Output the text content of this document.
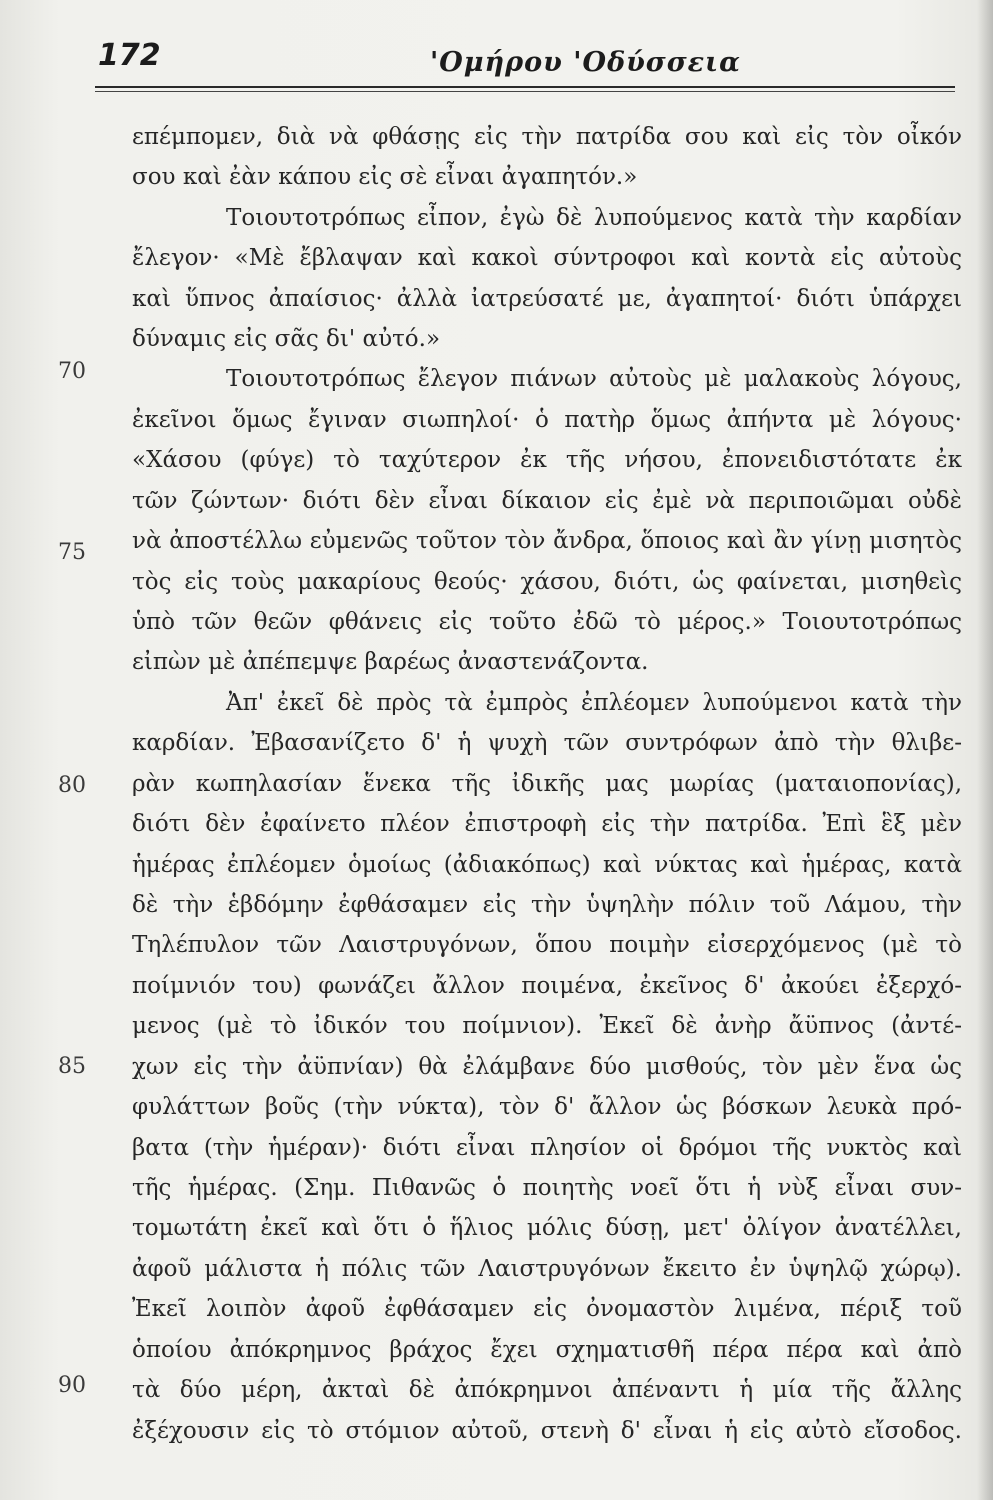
172	'Ομήρου 'Οδύσσεια
70
75
80
85
90
επέμπομεν, διὰ νὰ φθάσῃς εἰς τὴν πατρίδα σου καὶ εἰς τὸν οἶκόν
σου καὶ ἐὰν κάπου εἰς σὲ εἶναι ἀγαπητόν.»
Τοιουτοτρόπως εἶπον, ἐγὼ δὲ λυπούμενος κατὰ τὴν καρδίαν
ἔλεγον· «Μὲ ἔβλαψαν καὶ κακοὶ σύντροφοι καὶ κοντὰ εἰς αὐτοὺς
καὶ ὕπνος ἀπαίσιος· ἀλλὰ ἰατρεύσατέ με, ἀγαπητοί· διότι ὑπάρχει
δύναμις εἰς σᾶς δι' αὐτό.»
Τοιουτοτρόπως ἔλεγον πιάνων αὐτοὺς μὲ μαλακοὺς λόγους,
ἐκεῖνοι ὅμως ἔγιναν σιωπηλοί· ὁ πατὴρ ὅμως ἀπήντα μὲ λόγους·
«Χάσου (φύγε) τὸ ταχύτερον ἐκ τῆς νήσου, ἐπονειδιστότατε ἐκ
τῶν ζώντων· διότι δὲν εἶναι δίκαιον εἰς ἐμὲ νὰ περιποιῶμαι οὐδὲ
νὰ ἀποστέλλω εὐμενῶς τοῦτον τὸν ἄνδρα, ὅποιος καὶ ἂν γίνῃ μισητὸς
τὸς εἰς τοὺς μακαρίους θεούς· χάσου, διότι, ὡς φαίνεται, μισηθεὶς
ὑπὸ τῶν θεῶν φθάνεις εἰς τοῦτο ἐδῶ τὸ μέρος.» Τοιουτοτρόπως
εἰπὼν μὲ ἀπέπεμψε βαρέως ἀναστενάζοντα.
Ἀπ' ἐκεῖ δὲ πρὸς τὰ ἐμπρὸς ἐπλέομεν λυπούμενοι κατὰ τὴν
καρδίαν. Ἐβασανίζετο δ' ἡ ψυχὴ τῶν συντρόφων ἀπὸ τὴν θλιβε-
ρὰν κωπηλασίαν ἕνεκα τῆς ἰδικῆς μας μωρίας (ματαιοπονίας),
διότι δὲν ἐφαίνετο πλέον ἐπιστροφὴ εἰς τὴν πατρίδα. Ἐπὶ ἓξ μὲν
ἡμέρας ἐπλέομεν ὁμοίως (ἀδιακόπως) καὶ νύκτας καὶ ἡμέρας, κατὰ
δὲ τὴν ἑβδόμην ἐφθάσαμεν εἰς τὴν ὑψηλὴν πόλιν τοῦ Λάμου, τὴν
Τηλέπυλον τῶν Λαιστρυγόνων, ὅπου ποιμὴν εἰσερχόμενος (μὲ τὸ
ποίμνιόν του) φωνάζει ἄλλον ποιμένα, ἐκεῖνος δ' ἀκούει ἐξερχό-
μενος (μὲ τὸ ἰδικόν του ποίμνιον). Ἐκεῖ δὲ ἀνὴρ ἄϋπνος (ἀντέ-
χων εἰς τὴν ἀϋπνίαν) θὰ ἐλάμβανε δύο μισθούς, τὸν μὲν ἕνα ὡς
φυλάττων βοῦς (τὴν νύκτα), τὸν δ' ἄλλον ὡς βόσκων λευκὰ πρό-
βατα (τὴν ἡμέραν)· διότι εἶναι πλησίον οἱ δρόμοι τῆς νυκτὸς καὶ
τῆς ἡμέρας. (Σημ. Πιθανῶς ὁ ποιητὴς νοεῖ ὅτι ἡ νὺξ εἶναι συν-
τομωτάτη ἐκεῖ καὶ ὅτι ὁ ἥλιος μόλις δύσῃ, μετ' ὀλίγον ἀνατέλλει,
ἀφοῦ μάλιστα ἡ πόλις τῶν Λαιστρυγόνων ἔκειτο ἐν ὑψηλῷ χώρῳ).
Ἐκεῖ λοιπὸν ἀφοῦ ἐφθάσαμεν εἰς ὀνομαστὸν λιμένα, πέριξ τοῦ
ὁποίου ἀπόκρημνος βράχος ἔχει σχηματισθῆ πέρα πέρα καὶ ἀπὸ
τὰ δύο μέρη, ἀκταὶ δὲ ἀπόκρημνοι ἀπέναντι ἡ μία τῆς ἄλλης
ἐξέχουσιν εἰς τὸ στόμιον αὐτοῦ, στενὴ δ' εἶναι ἡ εἰς αὐτὸ εἴσοδος.
